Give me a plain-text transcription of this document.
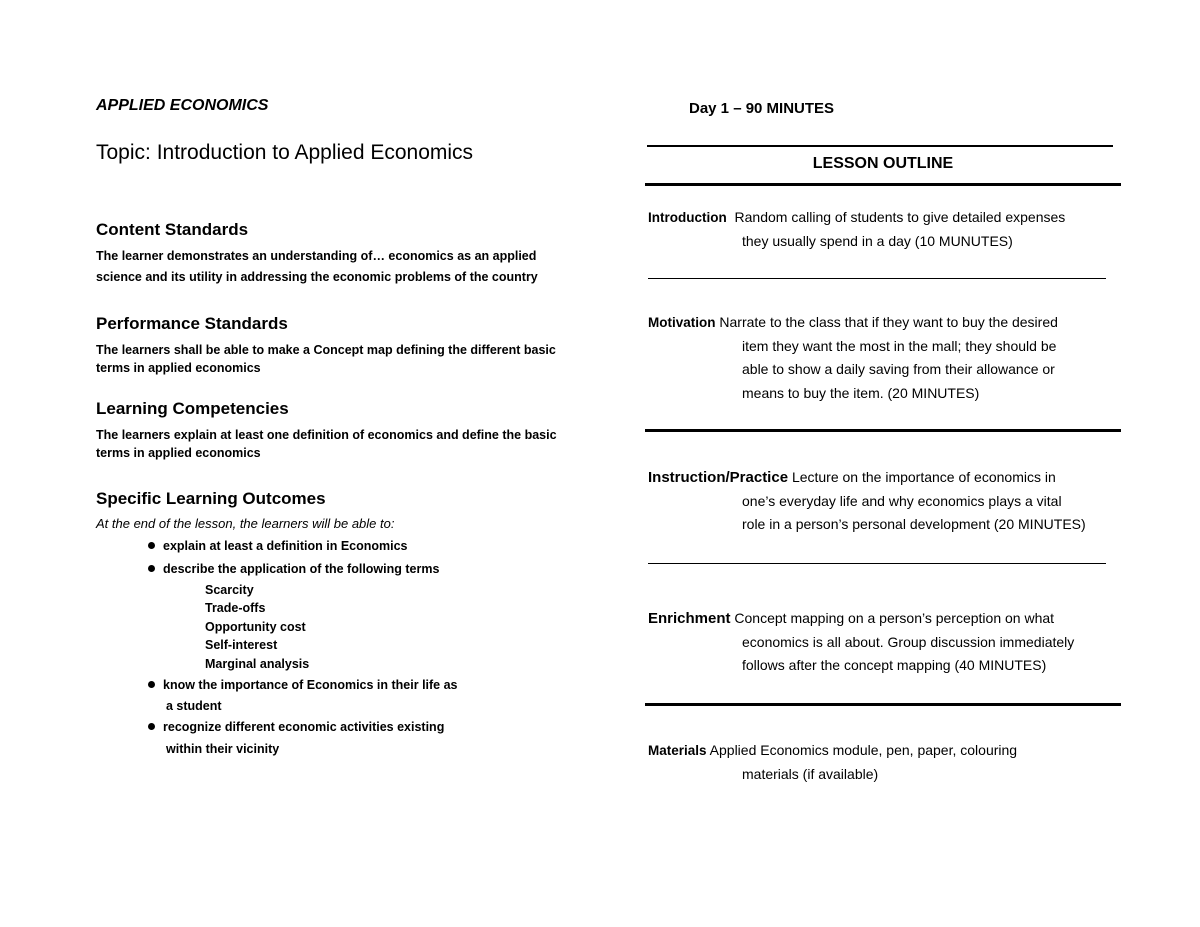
APPLIED ECONOMICS
Topic: Introduction to Applied Economics
Content Standards
The learner demonstrates an understanding of… economics as an applied
science and its utility in addressing the economic problems of the country
Performance Standards
The learners shall be able to make a Concept map defining the different basic
terms in applied economics
Learning Competencies
The learners explain at least one definition of economics and define the basic
terms in applied economics
Specific Learning Outcomes
At the end of the lesson, the learners will be able to:
explain at least a definition in Economics
describe the application of the following terms
Scarcity
Trade-offs
Opportunity cost
Self-interest
Marginal analysis
know the importance of Economics in their life as
a student
recognize different economic activities existing
within their vicinity
Day 1 – 90 MINUTES
LESSON OUTLINE
Introduction Random calling of students to give detailed expenses
they usually spend in a day (10 MUNUTES)
Motivation Narrate to the class that if they want to buy the desired
item they want the most in the mall; they should be
able to show a daily saving from their allowance or
means to buy the item. (20 MINUTES)
Instruction/Practice Lecture on the importance of economics in
one’s everyday life and why economics plays a vital
role in a person’s personal development (20 MINUTES)
Enrichment Concept mapping on a person’s perception on what
economics is all about. Group discussion immediately
follows after the concept mapping (40 MINUTES)
Materials Applied Economics module, pen, paper, colouring
materials (if available)
